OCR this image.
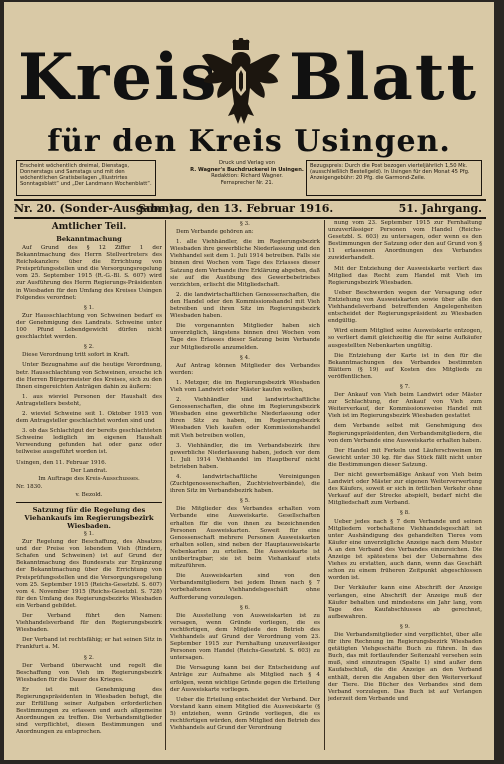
Kreis Blatt
für den Kreis Usingen.
Erscheint wöchentlich dreimal, Dienstags, Donnerstags und Samstags und mit den wöchentlichen Gratisbeilagen „Illustrirtes Sonntagsblatt“ und „Der Landmann Wochenblatt“.
Druck und Verlag von
R. Wagner's Buchdruckerei in Usingen.
Redaktion: Richard Wagner.
Fernsprecher Nr. 21.
Bezugspreis: Durch die Post bezogen vierteljährlich 1,50 Mk. (ausschließlich Bestellgeld). In Usingen für den Monat 45 Pfg. Anzeigengebühr: 20 Pfg. die Garmond-Zeile.
Nr. 20. (Sonder-Ausgabe.)
Sonntag, den 13. Februar 1916.	51. Jahrgang.
Amtlicher Teil.
Bekanntmachung

Auf Grund des § 12 Ziffer 1 der Bekanntmachung des Herrn Stellvertreters des Reichskanzlers über die Errichtung von Preisprüfungsstellen und die Versorgungsregelung vom 25. September 1915 (R.-G.-Bl. S. 607) wird zur Ausführung des Herrn Regierungs-Präsidenten in Wiesbaden für den Umfang des Kreises Usingen Folgendes verordnet:

§ 1.

Zur Hausschlachtung von Schweinen bedarf es der Genehmigung des Landrats. Schweine unter 100 Pfund Lebendgewicht dürfen nicht geschlachtet werden.

§ 2.

Diese Verordnung tritt sofort in Kraft.

Unter Bezugnahme auf die heutige Verordnung, betr. Hausschlachtung von Schweinen, ersuche ich die Herren Bürgermeister des Kreises, sich zu den Ihnen eingereichten Anträgen dahin zu äußern:

1. aus wieviel Personen der Haushalt des Antragstellers besteht,

2. wieviel Schweine seit 1. Oktober 1915 von dem Antragsteller geschlachtet worden sind und

3. ob das Schlachtgut der bereits geschlachteten Schweine lediglich im eigenen Haushalt Verwendung gefunden hat oder ganz oder teilweise ausgeführt worden ist.

Usingen, den 11. Februar 1916.
Der Landrat.
Im Auftrage des Kreis-Ausschusses.
Nr. 1830.
v. Bezold.
Satzung für die Regelung des Viehankaufs im Regierungsbezirk Wiesbaden.
§ 1.

Zur Regelung der Beschaffung, des Absatzes und der Preise von lebendem Vieh (Rindern, Schafen und Schweinen) ist auf Grund der Bekanntmachung des Bundesrats zur Ergänzung der Bekanntmachung über die Errichtung von Preisprüfungsstellen und die Versorgungsregelung vom 25. September 1915 (Reichs-Gesetzbl. S. 607) vom 4. November 1915 (Reichs-Gesetzbl. S. 728) für den Umfang des Regierungsbezirks Wiesbaden ein Verband gebildet.

Der Verband führt den Namen: Viehhandelsverband für den Regierungsbezirk Wiesbaden.

Der Verband ist rechtsfähig; er hat seinen Sitz in Frankfurt a. M.

§ 2.

Der Verband überwacht und regelt die Beschaffung von Vieh im Regierungsbezirk Wiesbaden für die Dauer des Krieges.

Er ist mit Genehmigung des Regierungspräsidenten in Wiesbaden befugt, die zur Erfüllung seiner Aufgaben erforderlichen Bestimmungen zu erlassen und auch allgemeine Anordnungen zu treffen. Die Verbandsmitglieder sind verpflichtet, diesen Bestimmungen und Anordnungen zu entsprechen.

§ 3.

Dem Verbande gehören an:

1. alle Viehhändler, die im Regierungsbezirk Wiesbaden ihre gewerbliche Niederlassung und den Viehhandel seit dem 1. Juli 1914 betreiben. Falls sie binnen drei Wochen vom Tage des Erlasses dieser Satzung dem Verbande ihre Erklärung abgeben, daß sie auf die Ausübung des Gewerbebetriebes verzichten, erlischt die Mitgliedschaft.

2. die landwirtschaftlichen Genossenschaften, die den Handel oder den Kommissionshandel mit Vieh betreiben und ihren Sitz im Regierungsbezirk Wiesbaden haben.

Die vorgenannten Mitglieder haben sich unverzüglich, längstens binnen drei Wochen vom Tage des Erlasses dieser Satzung beim Verbande zur Mitgliedsrolle anzumelden.

§ 4.

Auf Antrag können Mitglieder des Verbandes werden:

1. Metzger, die im Regierungsbezirk Wiesbaden Vieh vom Landwirt oder Mäster kaufen wollen,

2. Viehhändler und landwirtschaftliche Genossenschaften, die ohne im Regierungsbezirk Wiesbaden eine gewerbliche Niederlassung oder ihren Sitz zu haben, im Regierungsbezirk Wiesbaden Vieh kaufen oder Kommissionshandel mit Vieh betreiben wollen,

3. Viehhändler, die im Verbandsbezirk ihre gewerbliche Niederlassung haben, jedoch vor dem 1. Juli 1914 Viehhandel im Hauptberuf nicht betrieben haben.

4. landwirtschaftliche Vereinigungen (Zuchtgenossenschaften, Zuchtviehverbände), die ihren Sitz im Verbandsbezirk haben.

§ 5.

Die Mitglieder des Verbandes erhalten vom Verbande eine Ausweiskarte. Gesellschaften erhalten für die von ihnen zu bezeichnenden Personen Ausweiskarten. Soweit für eine Genossenschaft mehrere Personen Ausweiskarten erhalten sollen, sind neben der Hauptausweiskarte Nebenkarten zu erteilen. Die Ausweiskarte ist unübertragbar; sie ist beim Viehankauf stets mitzuführen.

Die Ausweiskarten sind von den Verbandsmitgliedern bei jedem Ihnen nach § 7 vorbehaltenen Viehhandelsgeschäft ohne Aufforderung vorzulegen.

§ 6.

Die Ausstellung von Ausweiskarten ist zu versagen, wenn Gründe vorliegen, die es rechtfertigen, dem Mitgliede den Betrieb des Viehhandels auf Grund der Verordnung vom 23. September 1915 zur Fernhaltung unzuverlässiger Personen vom Handel (Reichs-Gesetzbl. S. 603) zu untersagen.

Die Versagung kann bei der Entscheidung auf Anträge zur Aufnahme als Mitglied nach § 4 erfolgen, wenn wichtige Gründe gegen die Erteilung der Ausweiskarte vorliegen.

Ueber die Erteilung entscheidet der Verband. Der Vorstand kann einem Mitglied die Ausweiskarte (§ 5) entziehen, wenn Gründe vorliegen, die es rechtfertigen würden, dem Mitglied den Betrieb des Viehhandels auf Grund der Verordnung

nung vom 23. September 1915 zur Fernhaltung unzuverlässiger Personen vom Handel (Reichs-Gesetzbl. S. 603) zu untersagen, oder wenn es den Bestimmungen der Satzung oder den auf Grund von § 11 erlassenen Anordnungen des Verbandes zuwiderhandelt.

Mit der Entziehung der Ausweiskarte verliert das Mitglied das Recht zum Handel mit Vieh im Regierungsbezirk Wiesbaden.

Ueber Beschwerden wegen der Versagung oder Entziehung von Ausweiskarten sowie über alle den Viehhandelsverband betreffenden Angelegenheiten entscheidet der Regierungspräsident zu Wiesbaden endgültig.

Wird einem Mitglied seine Ausweiskarte entzogen, so verliert damit gleichzeitig die für seine Aufkäufer ausgestellten Nebenkarten ungültig.

Die Entziehung der Karte ist in den für die Bekanntmachungen des Verbandes bestimmten Blättern (§ 19) auf Kosten des Mitglieds zu veröffentlichen.

§ 7.

Der Ankauf von Vieh beim Landwirt oder Mäster zur Schlachtung, der Ankauf von Vieh zum Weiterverkauf, der Kommissionsweise Handel mit Vieh ist im Regierungsbezirk Wiesbaden gestattet

dem Verbande selbst mit Genehmigung des Regierungspräsidenten, den Verbandsmitgliedern, die von dem Verbande eine Ausweiskarte erhalten haben.

Der Handel mit Ferkeln und Läuferschweinen im Gewicht unter 30 kg. für das Stück fällt nicht unter die Bestimmungen dieser Satzung.

Der nicht gewerbsmäßige Ankauf von Vieh beim Landwirt oder Mäster zur eigenen Weiterverwertung des Käufers, soweit er sich in örtlichen Verkehr ohne Verkauf auf der Strecke abspielt, bedarf nicht die Mitgliedschaft zum Verband.

§ 8.

Ueber jedes nach § 7 dem Verbande und seinen Mitgliedern vorbehaltene Viehhandelsgeschäft ist unter Aushändigung des gehandelten Tieres vom Käufer eine unverzügliche Anzeige nach dem Muster A an den Verband des Verbandes einzureichen. Die Anzeige ist spätestens bei der Uebernahme des Viehes zu erstatten, auch dann, wenn das Geschäft schon zu einem früheren Zeitpunkt abgeschlossen worden ist.

Der Verkäufer kann eine Abschrift der Anzeige verlangen, eine Abschrift der Anzeige muß der Käufer behalten und mindestens ein Jahr lang, vom Tage des Kaufabschlusses ab gerechnet, aufbewahren.

§ 9.

Die Verbandsmitglieder sind verpflichtet, über alle für ihre Rechnung im Regierungsbezirk Wiesbaden getätigten Viehgeschäfte Buch zu führen. In das Buch, das mit fortlaufender Seitenzahl versehen sein muß, sind einzutragen (Spalte 1) sind außer dem Kaufabschluß, die die Anzeige an den Verband enthält, deren die Angaben über den Weiterverkauf der Tiere. Die Bücher des Verbandes sind dem Verband vorzulegen. Das Buch ist auf Verlangen jederzeit dem Verbande und
